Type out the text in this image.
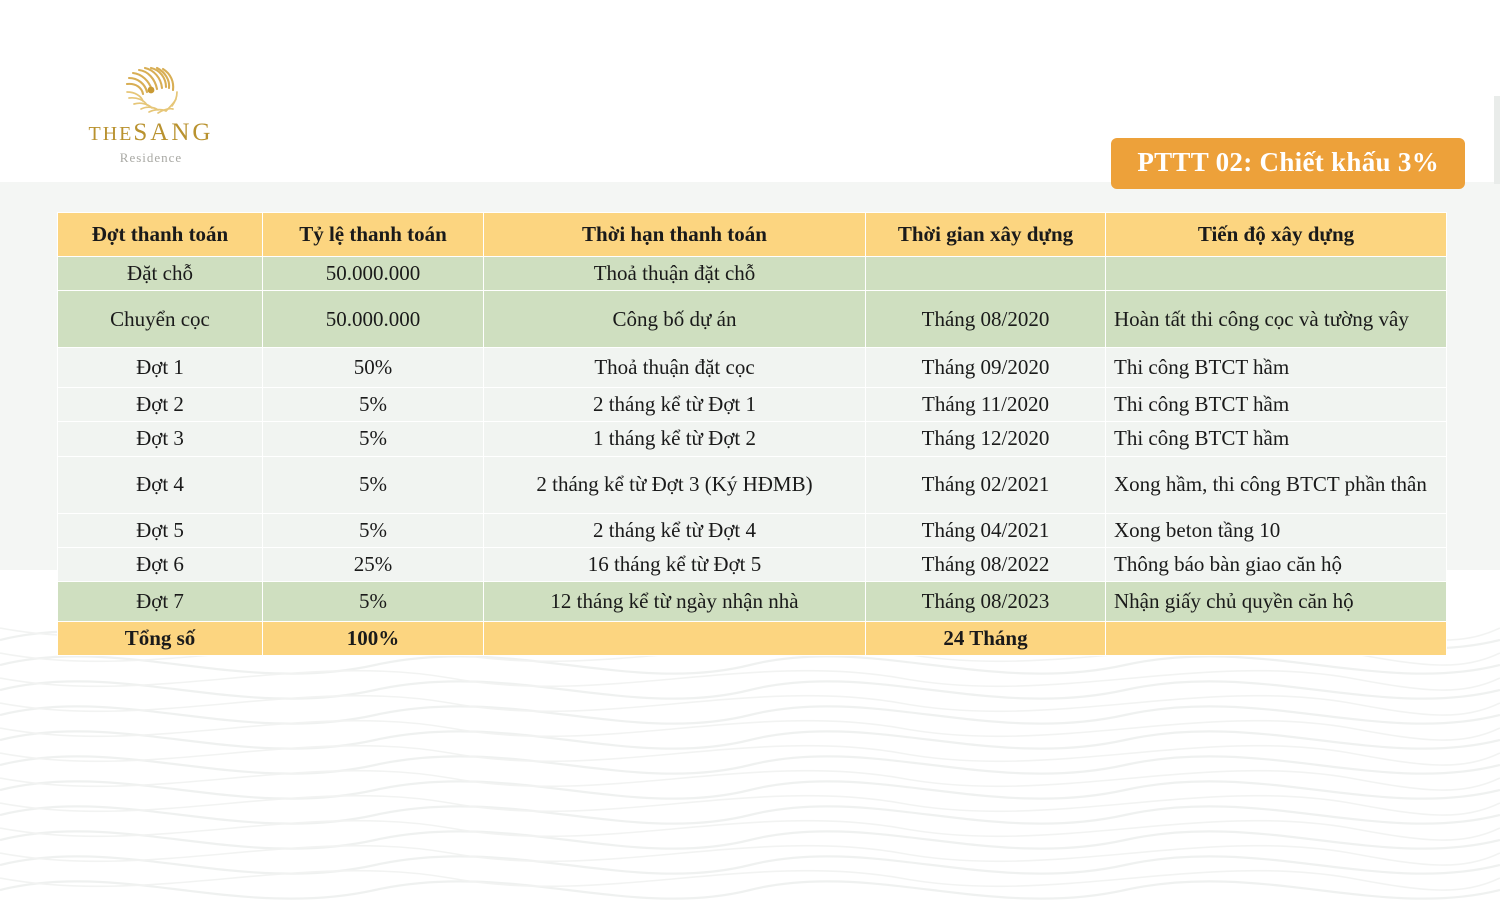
THESANG
Residence	PTTT 02: Chiết khấu 3%
Đợt thanh toán	Tỷ lệ thanh toán	Thời hạn thanh toán	Thời gian xây dựng	Tiến độ xây dựng
Đặt chỗ	50.000.000	Thoả thuận đặt chỗ		
Chuyển cọc	50.000.000	Công bố dự án	Tháng 08/2020	Hoàn tất thi công cọc và tường vây
Đợt 1	50%	Thoả thuận đặt cọc	Tháng 09/2020	Thi công BTCT hầm
Đợt 2	5%	2 tháng kể từ Đợt 1	Tháng 11/2020	Thi công BTCT hầm
Đợt 3	5%	1 tháng kể từ Đợt 2	Tháng 12/2020	Thi công BTCT hầm
Đợt 4	5%	2 tháng kể từ Đợt 3 (Ký HĐMB)	Tháng 02/2021	Xong hầm, thi công BTCT phần thân
Đợt 5	5%	2 tháng kể từ Đợt 4	Tháng 04/2021	Xong beton tầng 10
Đợt 6	25%	16 tháng kể từ Đợt 5	Tháng 08/2022	Thông báo bàn giao căn hộ
Đợt 7	5%	12 tháng kể từ ngày nhận nhà	Tháng 08/2023	Nhận giấy chủ quyền căn hộ
Tổng số	100%		24 Tháng	
